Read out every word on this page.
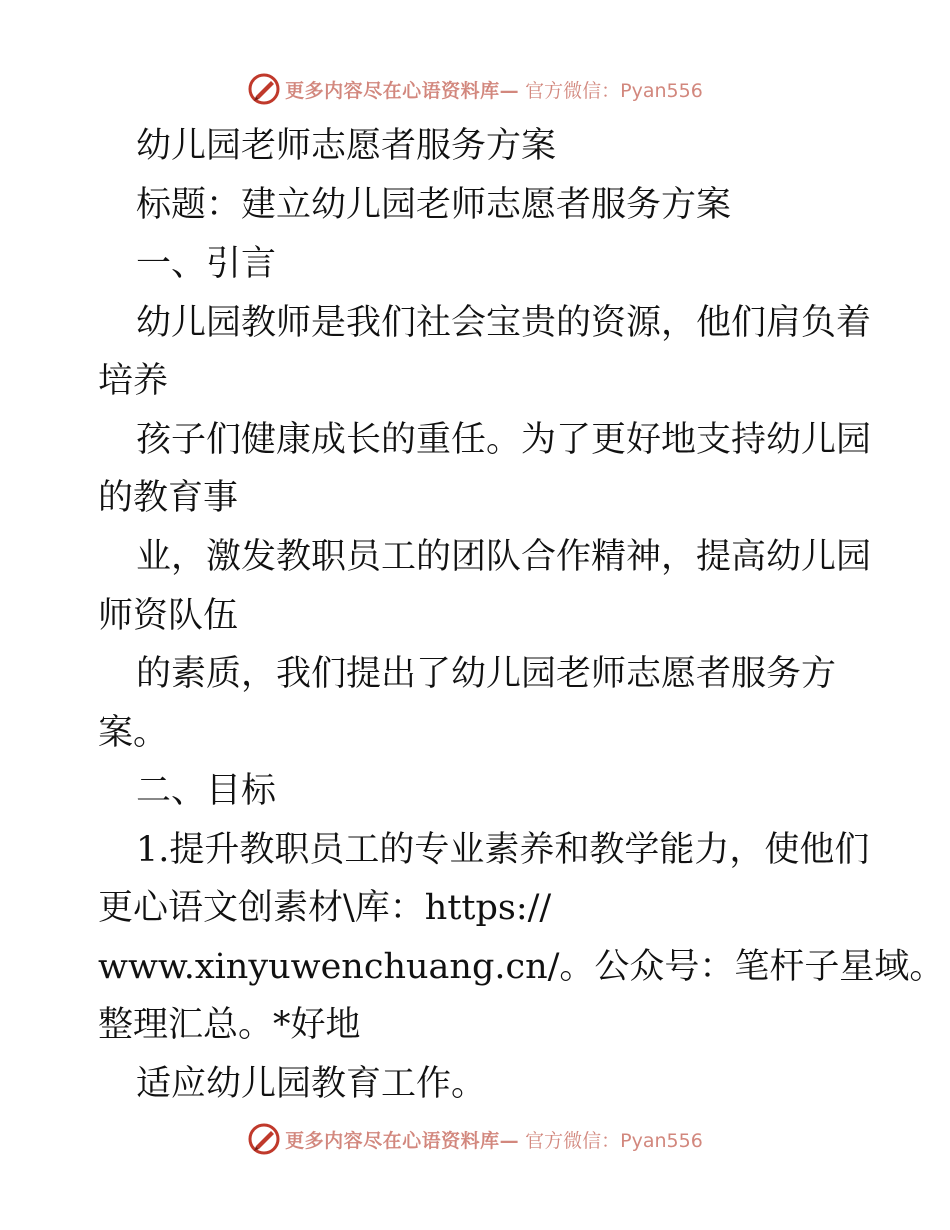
更多内容尽在心语资料库— 官方微信：Pyan556
幼儿园老师志愿者服务方案
标题：建立幼儿园老师志愿者服务方案
一、引言
幼儿园教师是我们社会宝贵的资源，他们肩负着
培养
孩子们健康成长的重任。为了更好地支持幼儿园
的教育事
业，激发教职员工的团队合作精神，提高幼儿园
师资队伍
的素质，我们提出了幼儿园老师志愿者服务方
案。
二、目标
1.提升教职员工的专业素养和教学能力，使他们
更心语文创素材\库：https://
www.xinyuwenchuang.cn/。公众号：笔杆子星域。
整理汇总。*好地
适应幼儿园教育工作。
更多内容尽在心语资料库— 官方微信：Pyan556
